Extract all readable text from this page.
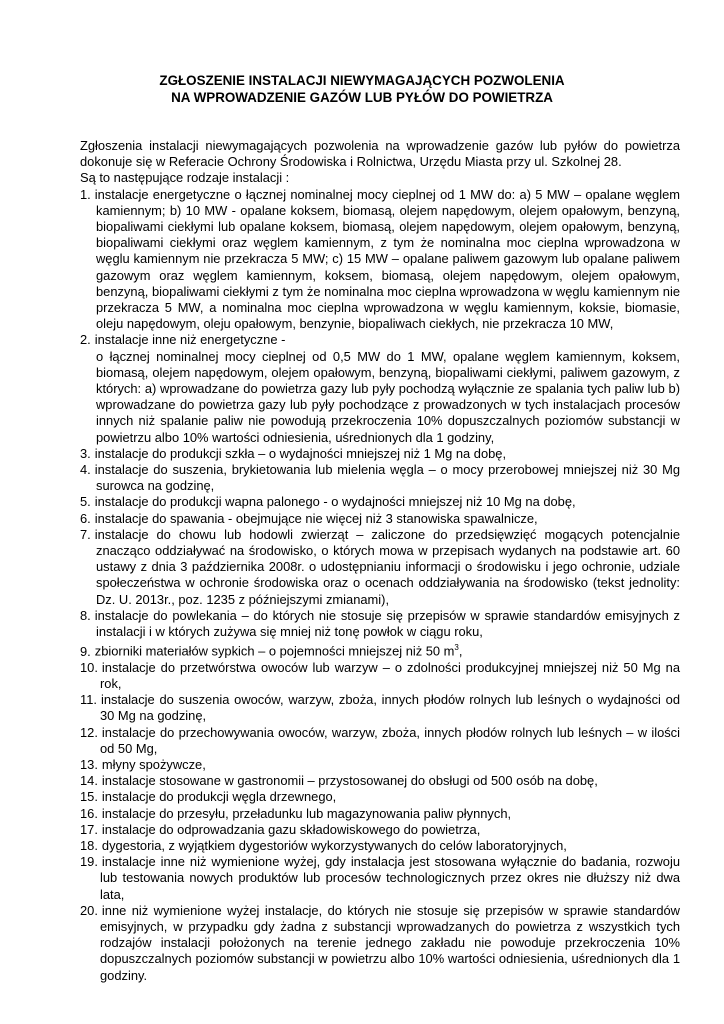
ZGŁOSZENIE INSTALACJI NIEWYMAGAJĄCYCH POZWOLENIA
NA WPROWADZENIE GAZÓW LUB PYŁÓW DO POWIETRZA

Zgłoszenia instalacji niewymagających pozwolenia na wprowadzenie gazów lub pyłów do powietrza dokonuje się w Referacie Ochrony Środowiska i Rolnictwa, Urzędu Miasta przy ul. Szkolnej 28.

Są to następujące rodzaje instalacji :

1. instalacje energetyczne o łącznej nominalnej mocy cieplnej od 1 MW do: a) 5 MW – opalane węglem kamiennym; b) 10 MW - opalane koksem, biomasą, olejem napędowym, olejem opałowym, benzyną, biopaliwami ciekłymi lub opalane koksem, biomasą, olejem napędowym, olejem opałowym, benzyną, biopaliwami ciekłymi oraz węglem kamiennym, z tym że nominalna moc cieplna wprowadzona w węglu kamiennym nie przekracza 5 MW; c) 15 MW – opalane paliwem gazowym lub opalane paliwem gazowym oraz węglem kamiennym, koksem, biomasą, olejem napędowym, olejem opałowym, benzyną, biopaliwami ciekłymi z tym że nominalna moc cieplna wprowadzona w węglu kamiennym nie przekracza 5 MW, a nominalna moc cieplna wprowadzona w węglu kamiennym, koksie, biomasie, oleju napędowym, oleju opałowym, benzynie, biopaliwach ciekłych, nie przekracza 10 MW,
2. instalacje inne niż energetyczne -
o łącznej nominalnej mocy cieplnej od 0,5 MW do 1 MW, opalane węglem kamiennym, koksem, biomasą, olejem napędowym, olejem opałowym, benzyną, biopaliwami ciekłymi, paliwem gazowym, z których: a) wprowadzane do powietrza gazy lub pyły pochodzą wyłącznie ze spalania tych paliw lub b) wprowadzane do powietrza gazy lub pyły pochodzące z prowadzonych w tych instalacjach procesów innych niż spalanie paliw nie powodują przekroczenia 10% dopuszczalnych poziomów substancji w powietrzu albo 10% wartości odniesienia, uśrednionych dla 1 godziny,
3. instalacje do produkcji szkła – o wydajności mniejszej niż 1 Mg na dobę,
4. instalacje do suszenia, brykietowania lub mielenia węgla – o mocy przerobowej mniejszej niż 30 Mg surowca na godzinę,
5. instalacje do produkcji wapna palonego - o wydajności mniejszej niż 10 Mg na dobę,
6. instalacje do spawania - obejmujące nie więcej niż 3 stanowiska spawalnicze,
7. instalacje do chowu lub hodowli zwierząt – zaliczone do przedsięwzięć mogących potencjalnie znacząco oddziaływać na środowisko, o których mowa w przepisach wydanych na podstawie art. 60 ustawy z dnia 3 października 2008r. o udostępnianiu informacji o środowisku i jego ochronie, udziale społeczeństwa w ochronie środowiska oraz o ocenach oddziaływania na środowisko (tekst jednolity: Dz. U. 2013r., poz. 1235 z późniejszymi zmianami),
8. instalacje do powlekania – do których nie stosuje się przepisów w sprawie standardów emisyjnych z instalacji i w których zużywa się mniej niż tonę powłok w ciągu roku,
9. zbiorniki materiałów sypkich – o pojemności mniejszej niż 50 $m^3$,
10. instalacje do przetwórstwa owoców lub warzyw – o zdolności produkcyjnej mniejszej niż 50 Mg na rok,
11. instalacje do suszenia owoców, warzyw, zboża, innych płodów rolnych lub leśnych o wydajności od 30 Mg na godzinę,
12. instalacje do przechowywania owoców, warzyw, zboża, innych płodów rolnych lub leśnych – w ilości od 50 Mg,
13. młyny spożywcze,
14. instalacje stosowane w gastronomii – przystosowanej do obsługi od 500 osób na dobę,
15. instalacje do produkcji węgla drzewnego,
16. instalacje do przesyłu, przeładunku lub magazynowania paliw płynnych,
17. instalacje do odprowadzania gazu składowiskowego do powietrza,
18. dygestoria, z wyjątkiem dygestoriów wykorzystywanych do celów laboratoryjnych,
19. instalacje inne niż wymienione wyżej, gdy instalacja jest stosowana wyłącznie do badania, rozwoju lub testowania nowych produktów lub procesów technologicznych przez okres nie dłuższy niż dwa lata,
20. inne niż wymienione wyżej instalacje, do których nie stosuje się przepisów w sprawie standardów emisyjnych, w przypadku gdy żadna z substancji wprowadzanych do powietrza z wszystkich tych rodzajów instalacji położonych na terenie jednego zakładu nie powoduje przekroczenia 10% dopuszczalnych poziomów substancji w powietrzu albo 10% wartości odniesienia, uśrednionych dla 1 godziny.
